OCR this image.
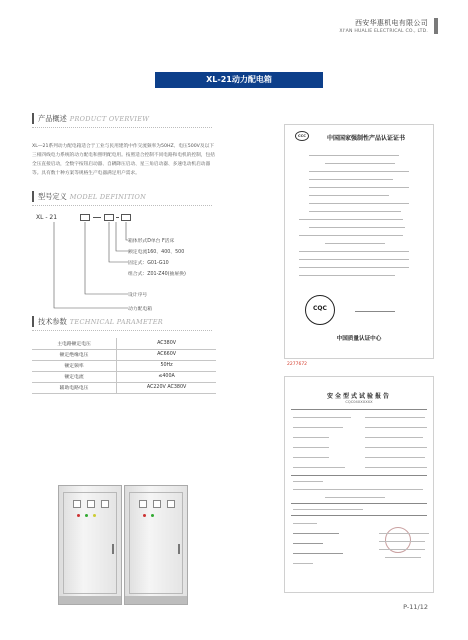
西安华惠机电有限公司
XI'AN HUALIE ELECTRICAL CO., LTD.
XL-21动力配电箱
产品概述 PRODUCT OVERVIEW
XL—21系列动力配电箱适合于工业与民用建筑中作交流频率为50HZ、电压500V及以下三相四线电力系统的动力配电和照明配电用。按照适合控制不同电路和电机的控制，包括全压直接启动，全数字按钮启动器、自耦降压启动、星三角启动器、多速电动机启动器等。具有数十种方案等规格生产电器满足用户需求。
型号定义 MODEL DEFINITION
XL - 21
箱体形式D单台 F活床
额定电流160、400、500
固定式：G01-G10
组合式：Z01-Z40(抽屉换)
设计序号
动力配电箱
技术参数 TECHNICAL PARAMETER
主电路额定电压	AC380V
额定绝缘电压	AC660V
额定频率	50Hz
额定电流	≤400A
辅助电路电压	AC220V AC380V
CCC	中国国家强制性产品认证证书
CQC
中国质量认证中心
2277672
安全型式试验报告
CQC04XXXXXX
P-11/12
